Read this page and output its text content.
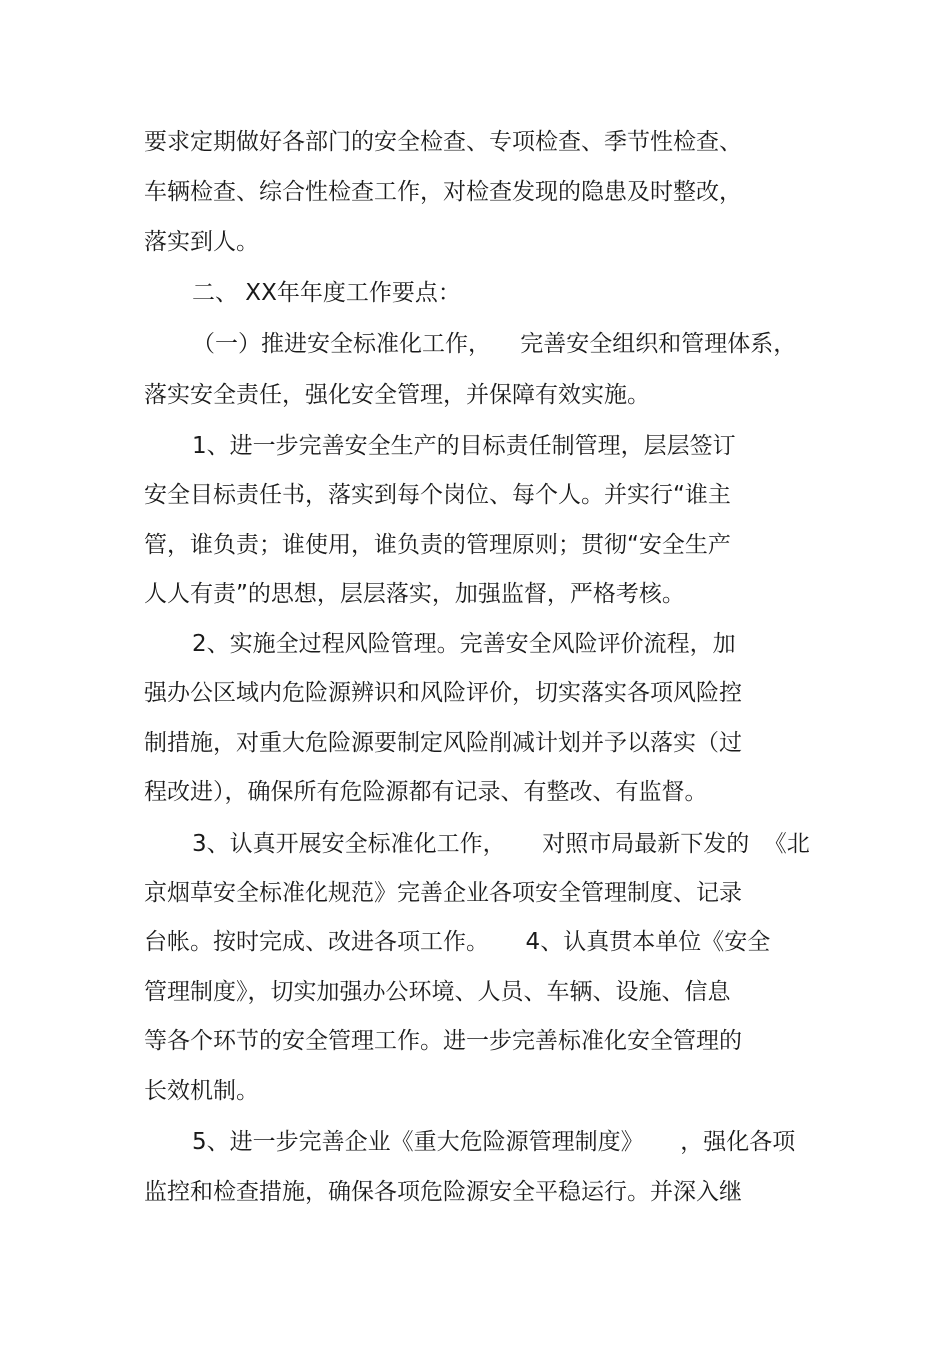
要求定期做好各部门的安全检查、专项检查、季节性检查、
车辆检查、综合性检查工作，对检查发现的隐患及时整改，
落实到人。
二、 XX年年度工作要点：
（一）推进安全标准化工作，    完善安全组织和管理体系，
落实安全责任，强化安全管理，并保障有效实施。
1、进一步完善安全生产的目标责任制管理，层层签订
安全目标责任书，落实到每个岗位、每个人。并实行“谁主
管，谁负责；谁使用，谁负责的管理原则；贯彻“安全生产
人人有责”的思想，层层落实，加强监督，严格考核。
2、实施全过程风险管理。完善安全风险评价流程，加
强办公区域内危险源辨识和风险评价，切实落实各项风险控
制措施，对重大危险源要制定风险削减计划并予以落实（过
程改进），确保所有危险源都有记录、有整改、有监督。
3、认真开展安全标准化工作，     对照市局最新下发的  《北
京烟草安全标准化规范》完善企业各项安全管理制度、记录
台帐。按时完成、改进各项工作。     4、认真贯本单位《安全
管理制度》，切实加强办公环境、人员、车辆、设施、信息
等各个环节的安全管理工作。进一步完善标准化安全管理的
长效机制。
5、进一步完善企业《重大危险源管理制度》     ，强化各项
监控和检查措施，确保各项危险源安全平稳运行。并深入继
